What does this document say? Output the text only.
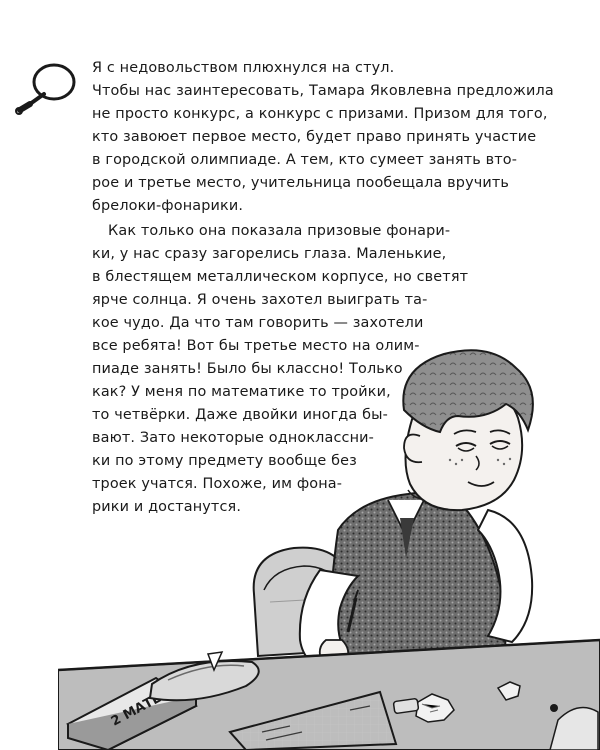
Я с недовольством плюхнулся на стул.
Чтобы нас заинтересовать, Тамара Яковлевна предложила
не просто конкурс, а конкурс с призами. Призом для того,
кто завоюет первое место, будет право принять участие
в городской олимпиаде. А тем, кто сумеет занять вто-
рое и третье место, учительница пообещала вручить
брелоки-фонарики.
Как только она показала призовые фонари-
ки, у нас сразу загорелись глаза. Маленькие,
в блестящем металлическом корпусе, но светят
ярче солнца. Я очень захотел выиграть та-
кое чудо. Да что там говорить — захотели
все ребята! Вот бы третье место на олим-
пиаде занять! Было бы классно! Только
как? У меня по математике то тройки,
то четвёрки. Даже двойки иногда бы-
вают. Зато некоторые одноклассни-
ки по этому предмету вообще без
троек учатся. Похоже, им фона-
рики и достанутся.
2
